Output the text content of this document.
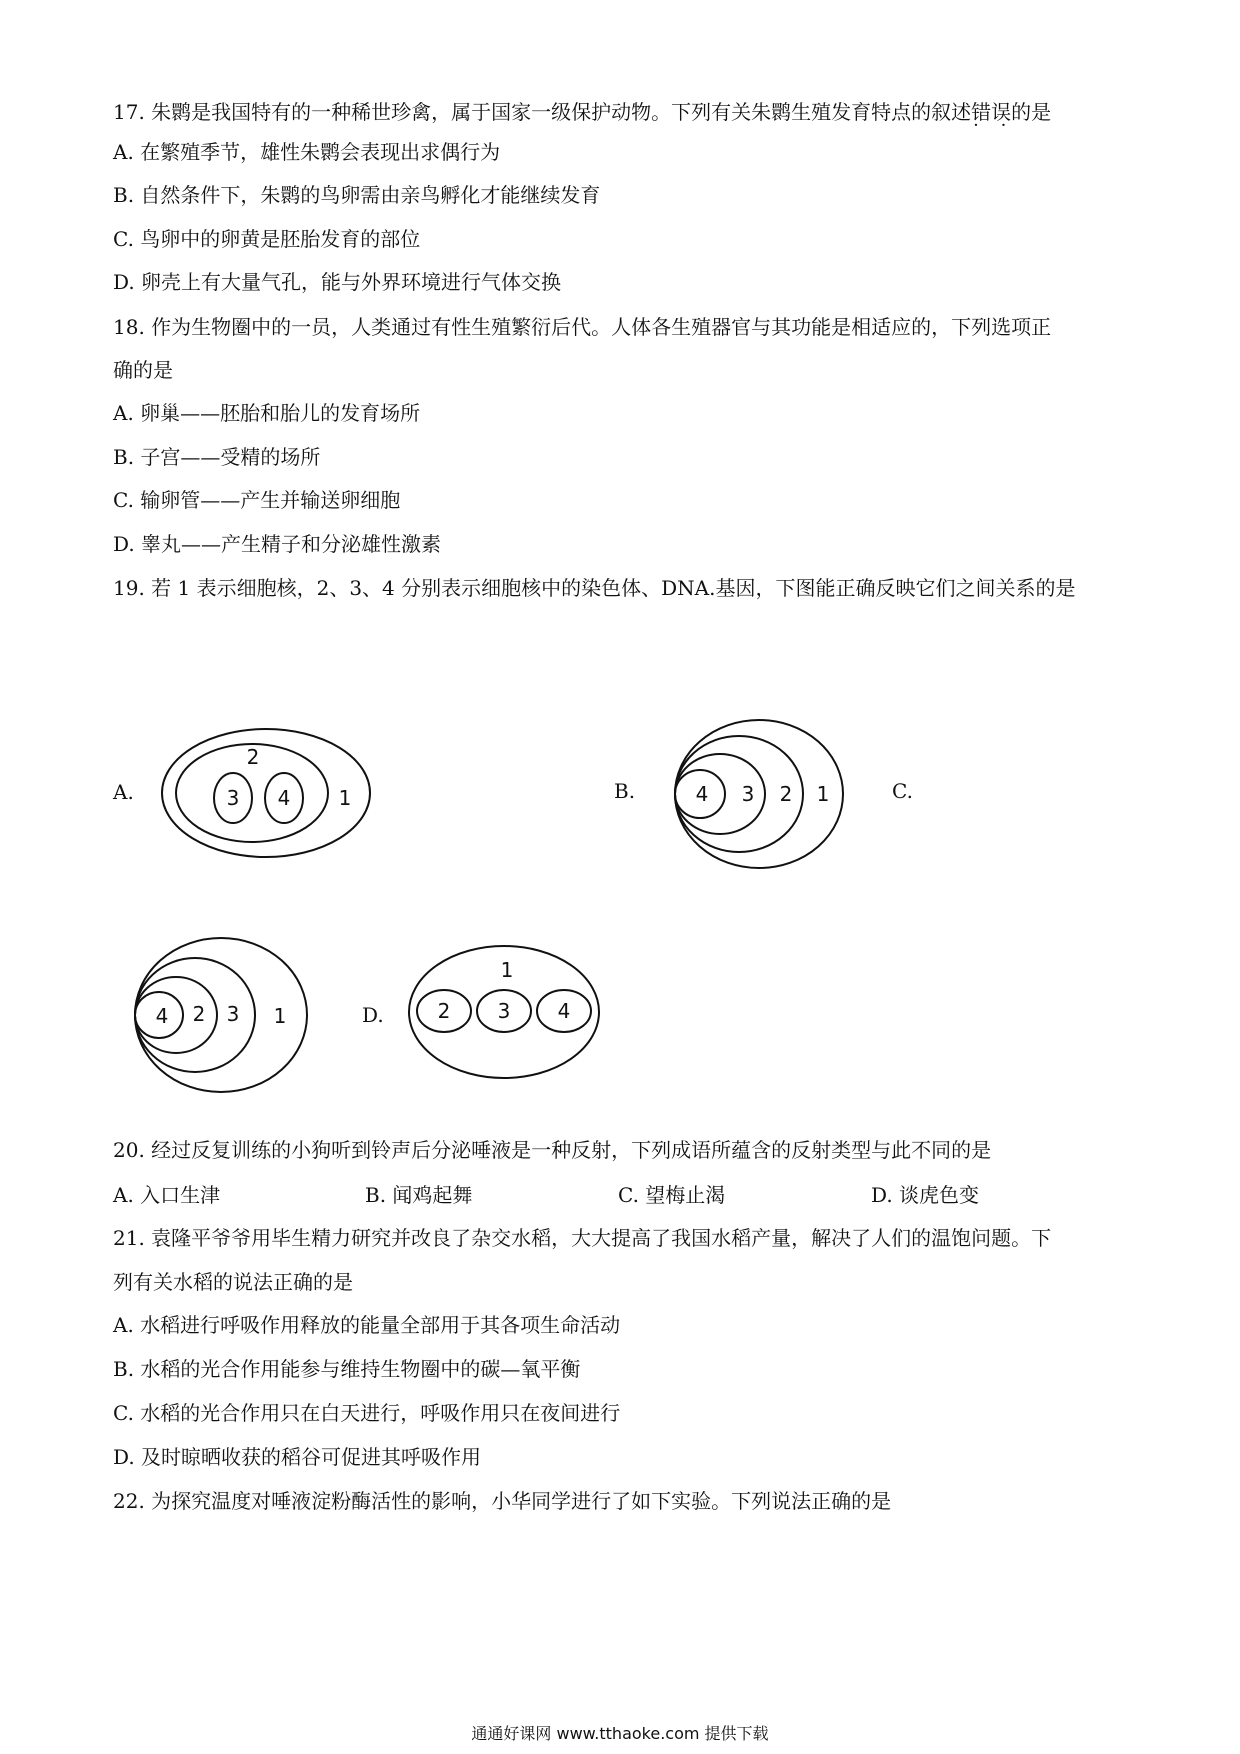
17. 朱鹮是我国特有的一种稀世珍禽，属于国家一级保护动物。下列有关朱鹮生殖发育特点的叙述错误 · ·的是
A. 在繁殖季节，雄性朱鹮会表现出求偶行为
B. 自然条件下，朱鹮的鸟卵需由亲鸟孵化才能继续发育
C. 鸟卵中的卵黄是胚胎发育的部位
D. 卵壳上有大量气孔，能与外界环境进行气体交换
18. 作为生物圈中的一员，人类通过有性生殖繁衍后代。人体各生殖器官与其功能是相适应的，下列选项正
确的是
A. 卵巢——胚胎和胎儿的发育场所
B. 子宫——受精的场所
C. 输卵管——产生并输送卵细胞
D. 睾丸——产生精子和分泌雄性激素
19. 若 1 表示细胞核，2、3、4 分别表示细胞核中的染色体、DNA.基因，下图能正确反映它们之间关系的是
A.
2
3 4 1	B.	4 3 2 1	C.
4 2 3 1	D.
1
2 3 4
20. 经过反复训练的小狗听到铃声后分泌唾液是一种反射，下列成语所蕴含的反射类型与此不同的是
A. 入口生津	B. 闻鸡起舞	C. 望梅止渴	D. 谈虎色变
21. 袁隆平爷爷用毕生精力研究并改良了杂交水稻，大大提高了我国水稻产量，解决了人们的温饱问题。下
列有关水稻的说法正确的是
A. 水稻进行呼吸作用释放的能量全部用于其各项生命活动
B. 水稻的光合作用能参与维持生物圈中的碳—氧平衡
C. 水稻的光合作用只在白天进行，呼吸作用只在夜间进行
D. 及时晾晒收获的稻谷可促进其呼吸作用
22. 为探究温度对唾液淀粉酶活性的影响，小华同学进行了如下实验。下列说法正确的是
通通好课网 www.tthaoke.com 提供下载
